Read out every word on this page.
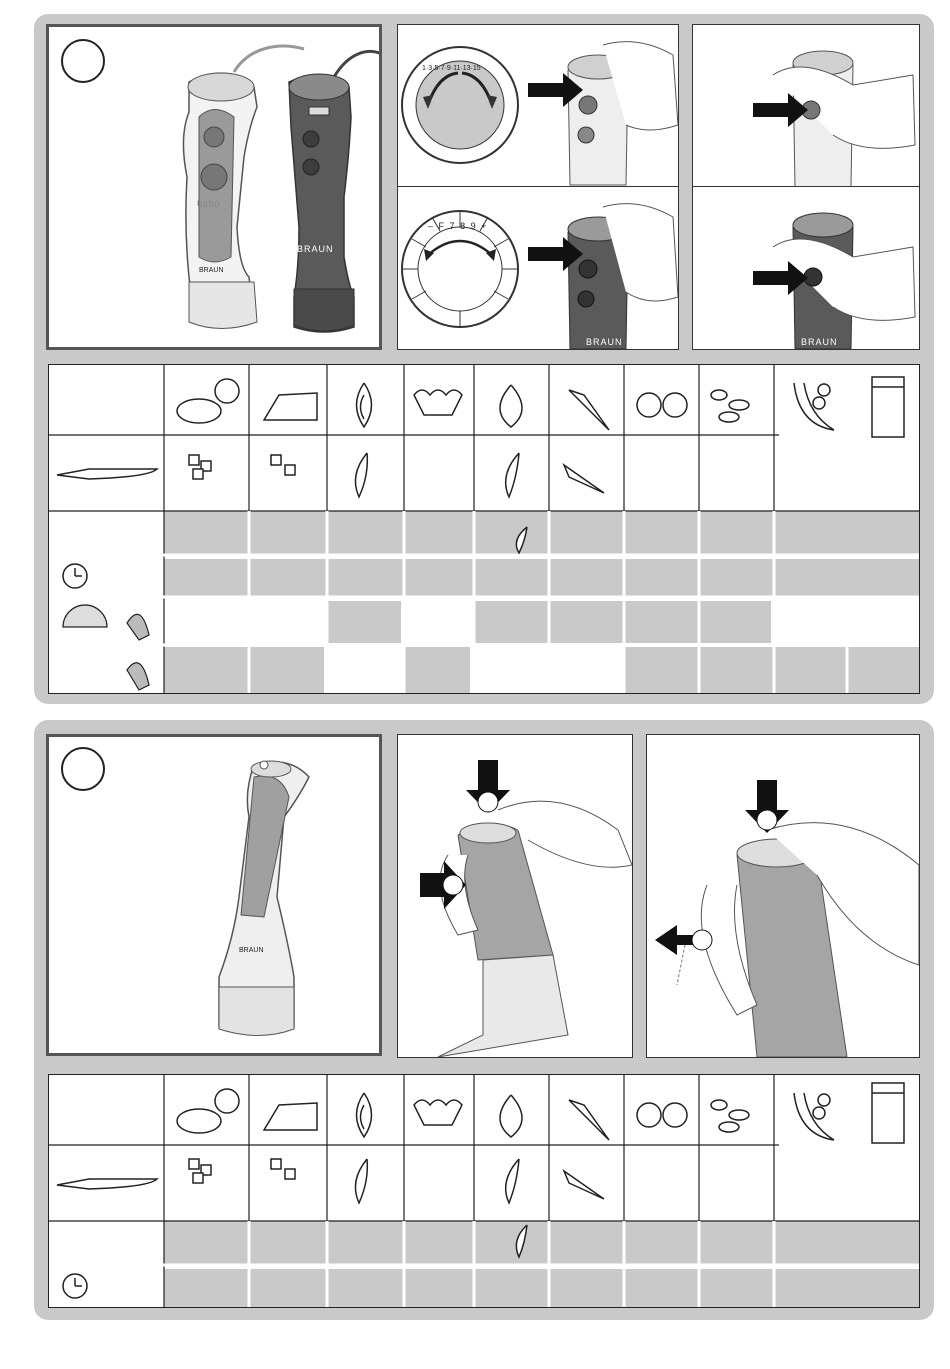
turbo
BRAUN
BRAUN
1·3·5·7·9·11·13·15
– F 7 8 9 +
BRAUN	BRAUN
BRAUN
